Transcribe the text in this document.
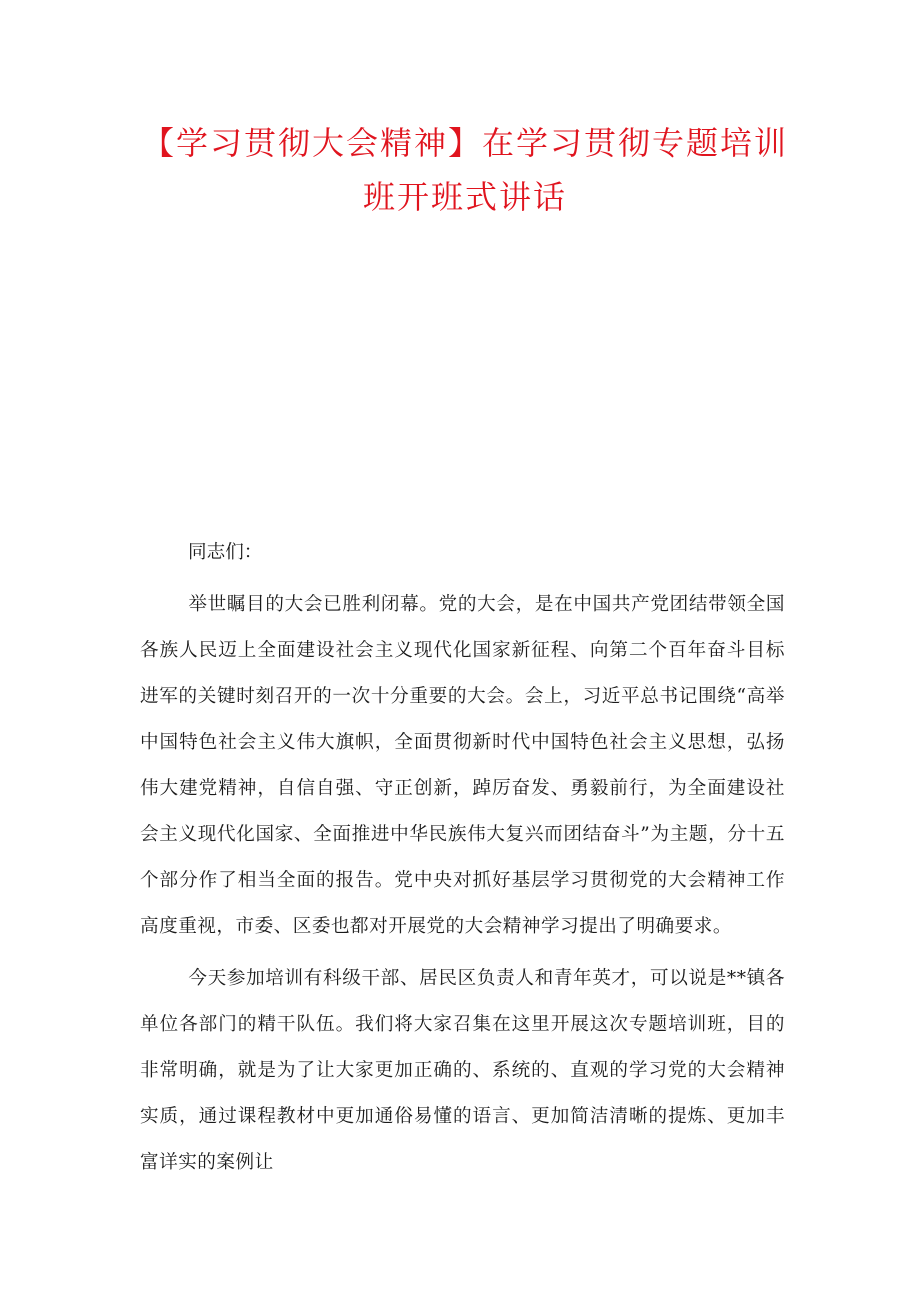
【学习贯彻大会精神】在学习贯彻专题培训
班开班式讲话

同志们：

举世瞩目的大会已胜利闭幕。党的大会，是在中国共产党团结带领全国各族人民迈上全面建设社会主义现代化国家新征程、向第二个百年奋斗目标进军的关键时刻召开的一次十分重要的大会。会上，习近平总书记围绕“高举中国特色社会主义伟大旗帜，全面贯彻新时代中国特色社会主义思想，弘扬伟大建党精神，自信自强、守正创新，踔厉奋发、勇毅前行，为全面建设社会主义现代化国家、全面推进中华民族伟大复兴而团结奋斗”为主题，分十五个部分作了相当全面的报告。党中央对抓好基层学习贯彻党的大会精神工作高度重视，市委、区委也都对开展党的大会精神学习提出了明确要求。

今天参加培训有科级干部、居民区负责人和青年英才，可以说是**镇各单位各部门的精干队伍。我们将大家召集在这里开展这次专题培训班，目的非常明确，就是为了让大家更加正确的、系统的、直观的学习党的大会精神实质，通过课程教材中更加通俗易懂的语言、更加简洁清晰的提炼、更加丰富详实的案例让
